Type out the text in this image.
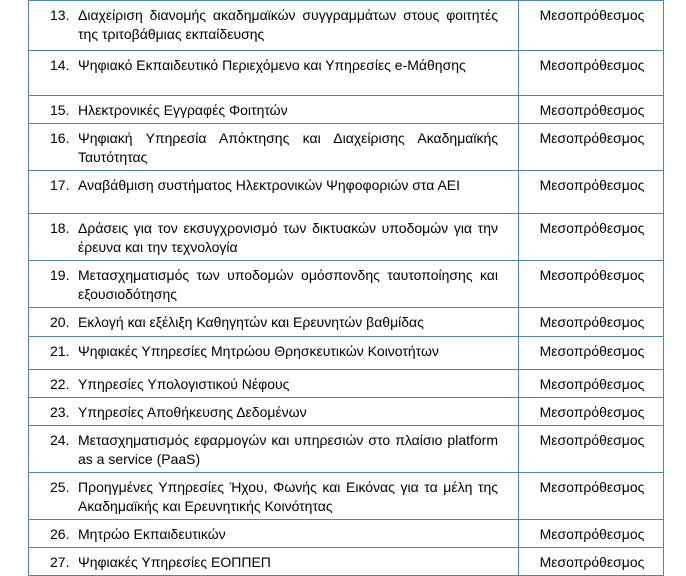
13. Διαχείριση διανομής ακαδημαϊκών συγγραμμάτων στους φοιτητές της τριτοβάθμιας εκπαίδευσης	Μεσοπρόθεσμος

14. Ψηφιακό Εκπαιδευτικό Περιεχόμενο και Υπηρεσίες e-Μάθησης	Μεσοπρόθεσμος

15. Ηλεκτρονικές Εγγραφές Φοιτητών	Μεσοπρόθεσμος

16. Ψηφιακή Υπηρεσία Απόκτησης και Διαχείρισης Ακαδημαϊκής Ταυτότητας	Μεσοπρόθεσμος

17. Αναβάθμιση συστήματος Ηλεκτρονικών Ψηφοφοριών στα ΑΕΙ	Μεσοπρόθεσμος

18. Δράσεις για τον εκσυγχρονισμό των δικτυακών υποδομών για την έρευνα και την τεχνολογία	Μεσοπρόθεσμος

19. Μετασχηματισμός των υποδομών ομόσπονδης ταυτοποίησης και εξουσιοδότησης	Μεσοπρόθεσμος

20. Εκλογή και εξέλιξη Καθηγητών και Ερευνητών βαθμίδας	Μεσοπρόθεσμος

21. Ψηφιακές Υπηρεσίες Μητρώου Θρησκευτικών Κοινοτήτων	Μεσοπρόθεσμος

22. Υπηρεσίες Υπολογιστικού Νέφους	Μεσοπρόθεσμος

23. Υπηρεσίες Αποθήκευσης Δεδομένων	Μεσοπρόθεσμος

24. Μετασχηματισμός εφαρμογών και υπηρεσιών στο πλαίσιο platform as a service (PaaS)	Μεσοπρόθεσμος

25. Προηγμένες Υπηρεσίες Ήχου, Φωνής και Εικόνας για τα μέλη της Ακαδημαϊκής και Ερευνητικής Κοινότητας	Μεσοπρόθεσμος

26. Μητρώο Εκπαιδευτικών	Μεσοπρόθεσμος

27. Ψηφιακές Υπηρεσίες ΕΟΠΠΕΠ	Μεσοπρόθεσμος
